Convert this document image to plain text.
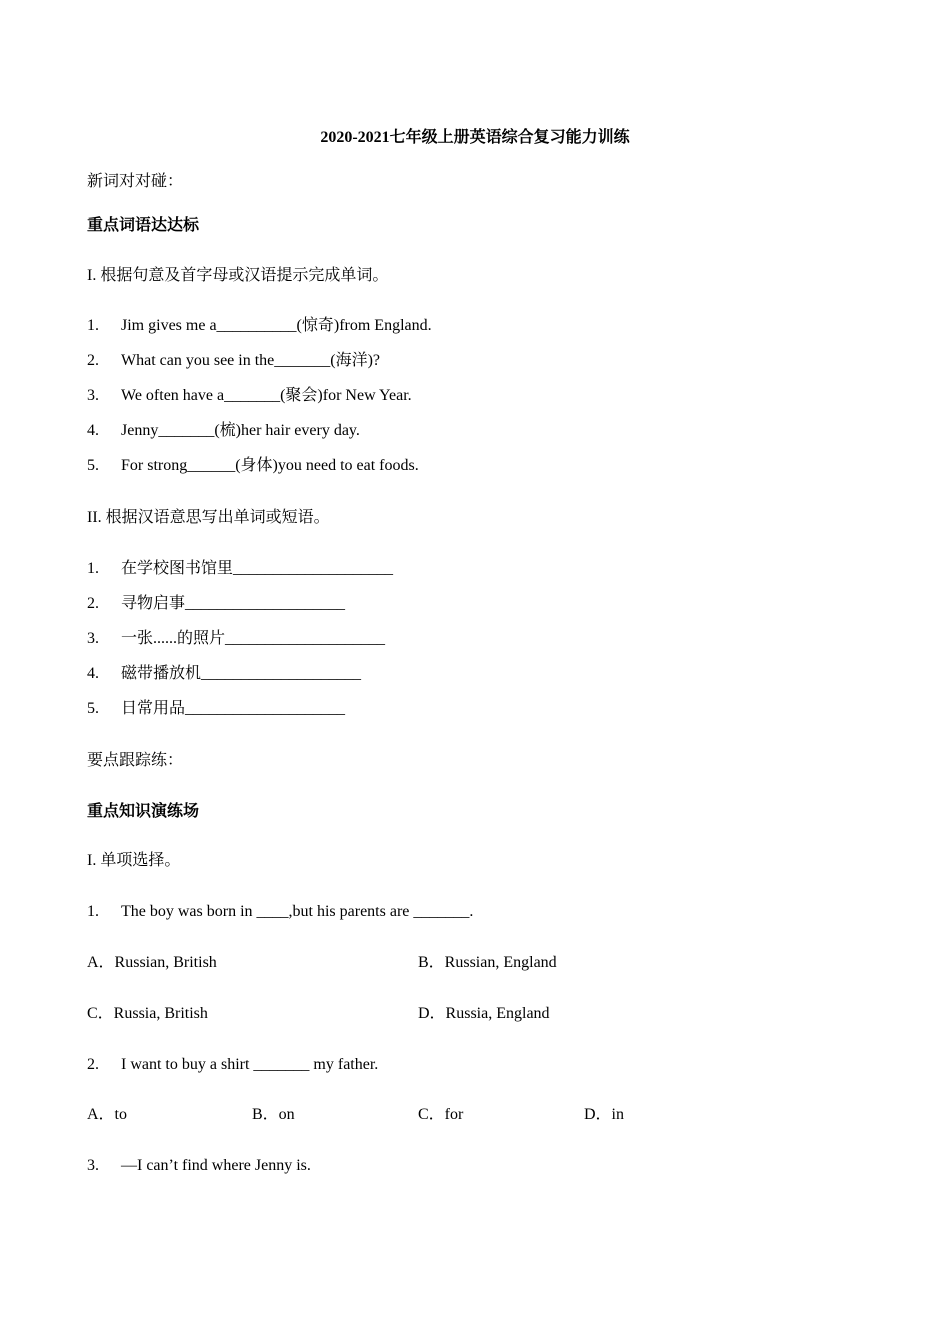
2020-2021七年级上册英语综合复习能力训练
新词对对碰：
重点词语达达标
I. 根据句意及首字母或汉语提示完成单词。
1. Jim gives me a__________(惊奇)from England.
2. What can you see in the_______(海洋)?
3. We often have a_______(聚会)for New Year.
4. Jenny_______(梳)her hair every day.
5. For strong______(身体)you need to eat foods.
II. 根据汉语意思写出单词或短语。
1. 在学校图书馆里____________________
2. 寻物启事____________________
3. 一张......的照片____________________
4. 磁带播放机____________________
5. 日常用品____________________
要点跟踪练：
重点知识演练场
I. 单项选择。
1. The boy was born in ____,but his parents are _______.
A．Russian, British	B．Russian, England
C．Russia, British	D．Russia, England
2. I want to buy a shirt _______ my father.
A．to	B．on	C．for	D．in
3. —I can’t find where Jenny is.
